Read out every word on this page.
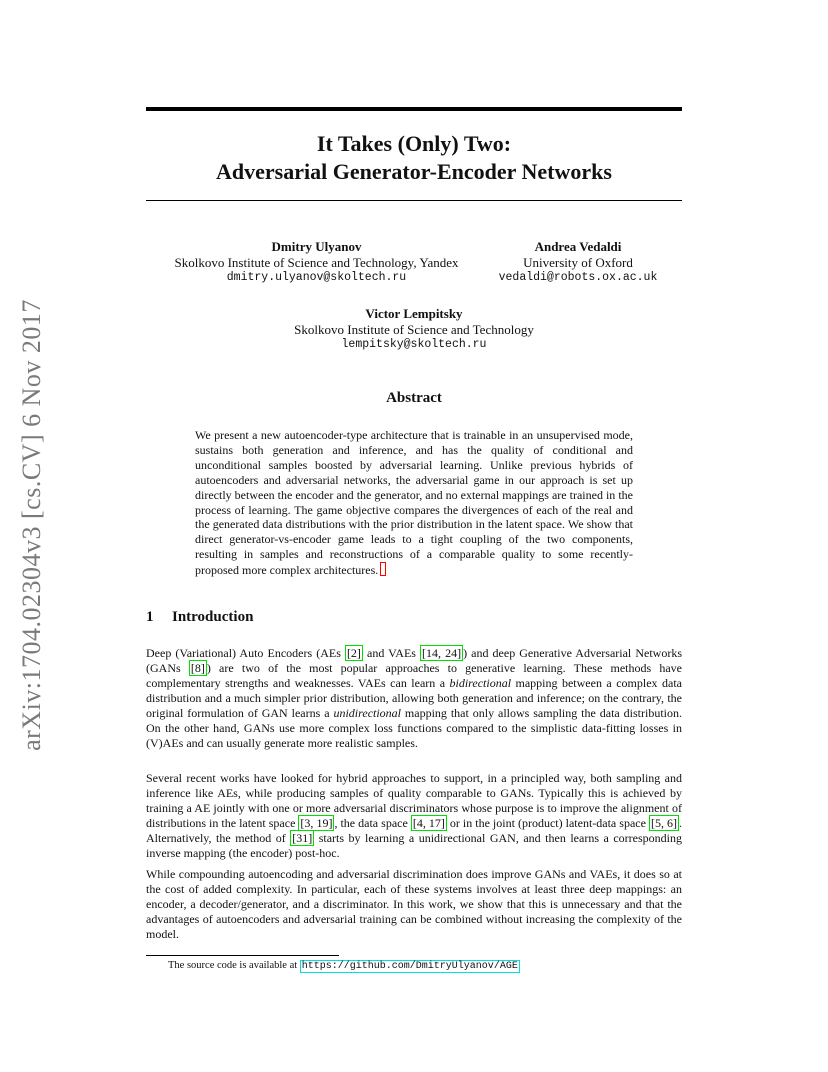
arXiv:1704.02304v3 [cs.CV] 6 Nov 2017
It Takes (Only) Two:
Adversarial Generator-Encoder Networks
Dmitry Ulyanov
Skolkovo Institute of Science and Technology, Yandex
dmitry.ulyanov@skoltech.ru
Andrea Vedaldi
University of Oxford
vedaldi@robots.ox.ac.uk
Victor Lempitsky
Skolkovo Institute of Science and Technology
lempitsky@skoltech.ru
Abstract

We present a new autoencoder-type architecture that is trainable in an unsupervised mode, sustains both generation and inference, and has the quality of conditional and unconditional samples boosted by adversarial learning. Unlike previous hybrids of autoencoders and adversarial networks, the adversarial game in our approach is set up directly between the encoder and the generator, and no external mappings are trained in the process of learning. The game objective compares the divergences of each of the real and the generated data distributions with the prior distribution in the latent space. We show that direct generator-vs-encoder game leads to a tight coupling of the two components, resulting in samples and reconstructions of a comparable quality to some recently-proposed more complex architectures.

1 Introduction

Deep (Variational) Auto Encoders (AEs [2] and VAEs [14, 24] ) and deep Generative Adversarial Networks (GANs [8] ) are two of the most popular approaches to generative learning. These methods have complementary strengths and weaknesses. VAEs can learn a bidirectional mapping between a complex data distribution and a much simpler prior distribution, allowing both generation and inference; on the contrary, the original formulation of GAN learns a unidirectional mapping that only allows sampling the data distribution. On the other hand, GANs use more complex loss functions compared to the simplistic data-fitting losses in (V)AEs and can usually generate more realistic samples.

Several recent works have looked for hybrid approaches to support, in a principled way, both sampling and inference like AEs, while producing samples of quality comparable to GANs. Typically this is achieved by training a AE jointly with one or more adversarial discriminators whose purpose is to improve the alignment of distributions in the latent space [3, 19] , the data space [4, 17] or in the joint (product) latent-data space [5, 6] . Alternatively, the method of [31] starts by learning a unidirectional GAN, and then learns a corresponding inverse mapping (the encoder) post-hoc.

While compounding autoencoding and adversarial discrimination does improve GANs and VAEs, it does so at the cost of added complexity. In particular, each of these systems involves at least three deep mappings: an encoder, a decoder/generator, and a discriminator. In this work, we show that this is unnecessary and that the advantages of autoencoders and adversarial training can be combined without increasing the complexity of the model.

The source code is available at https://github.com/DmitryUlyanov/AGE
